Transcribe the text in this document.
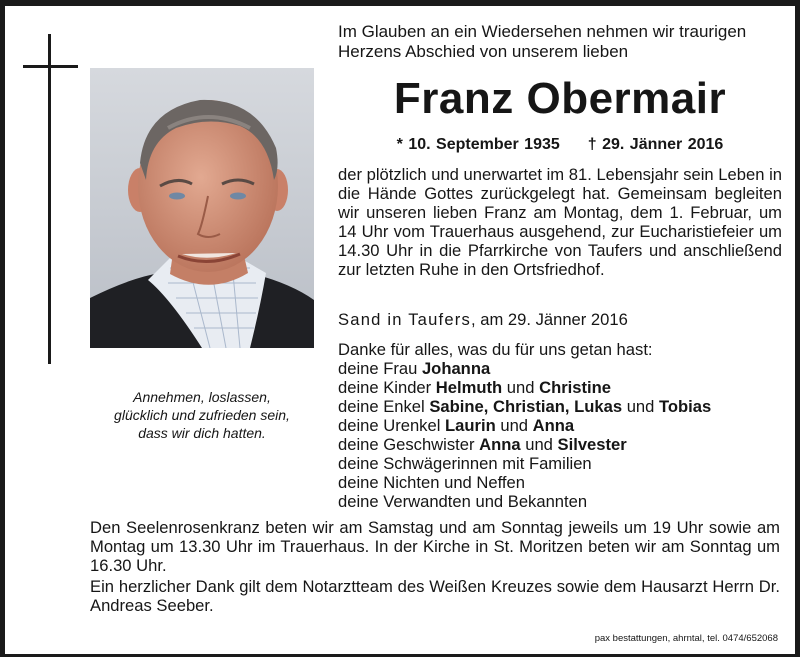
Annehmen, loslassen,
glücklich und zufrieden sein,
dass wir dich hatten.
Im Glauben an ein Wiedersehen nehmen wir traurigen
Herzens Abschied von unserem lieben
Franz Obermair
* 10. September 1935 † 29. Jänner 2016
der plötzlich und unerwartet im 81. Lebensjahr sein Leben in die Hände Gottes zurückgelegt hat. Gemeinsam begleiten wir unseren lieben Franz am Montag, dem 1. Februar, um 14 Uhr vom Trauerhaus ausgehend, zur Eucharistiefeier um 14.30 Uhr in die Pfarrkirche von Taufers und anschließend zur letzten Ruhe in den Ortsfriedhof.
Sand in Taufers, am 29. Jänner 2016
Danke für alles, was du für uns getan hast:
deine Frau Johanna
deine Kinder Helmuth und Christine
deine Enkel Sabine, Christian, Lukas und Tobias
deine Urenkel Laurin und Anna
deine Geschwister Anna und Silvester
deine Schwägerinnen mit Familien
deine Nichten und Neffen
deine Verwandten und Bekannten
Den Seelenrosenkranz beten wir am Samstag und am Sonntag jeweils um 19 Uhr sowie am Montag um 13.30 Uhr im Trauerhaus. In der Kirche in St. Moritzen beten wir am Sonntag um 16.30 Uhr.
Ein herzlicher Dank gilt dem Notarztteam des Weißen Kreuzes sowie dem Hausarzt Herrn Dr. Andreas Seeber.
pax bestattungen, ahrntal, tel. 0474/652068
